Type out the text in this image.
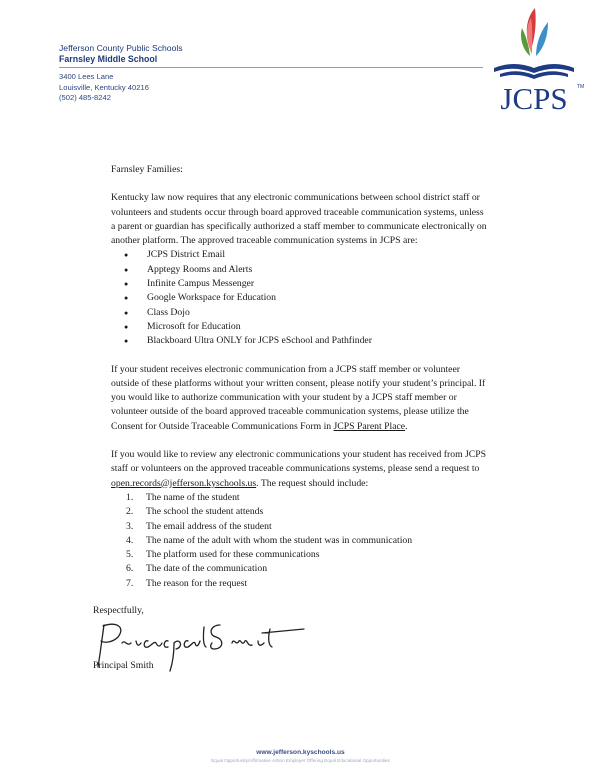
Jefferson County Public Schools
Farnsley Middle School
3400 Lees Lane
Louisville, Kentucky 40216
(502) 485-8242	JCPS TM

Farnsley Families:

Kentucky law now requires that any electronic communications between school district staff or volunteers and students occur through board approved traceable communication systems, unless a parent or guardian has specifically authorized a staff member to communicate electronically on another platform. The approved traceable communication systems in JCPS are:

● JCPS District Email
● Apptegy Rooms and Alerts
● Infinite Campus Messenger
● Google Workspace for Education
● Class Dojo
● Microsoft for Education
● Blackboard Ultra ONLY for JCPS eSchool and Pathfinder

If your student receives electronic communication from a JCPS staff member or volunteer outside of these platforms without your written consent, please notify your student’s principal. If you would like to authorize communication with your student by a JCPS staff member or volunteer outside of the board approved traceable communication systems, please utilize the Consent for Outside Traceable Communications Form in JCPS Parent Place.

If you would like to review any electronic communications your student has received from JCPS staff or volunteers on the approved traceable communications systems, please send a request to open.records@jefferson.kyschools.us. The request should include:

1. The name of the student
2. The school the student attends
3. The email address of the student
4. The name of the adult with whom the student was in communication
5. The platform used for these communications
6. The date of the communication
7. The reason for the request
Respectfully,
Principal Smith
www.jefferson.kyschools.us
Equal Opportunity/Affirmative Action Employer Offering Equal Educational Opportunities
